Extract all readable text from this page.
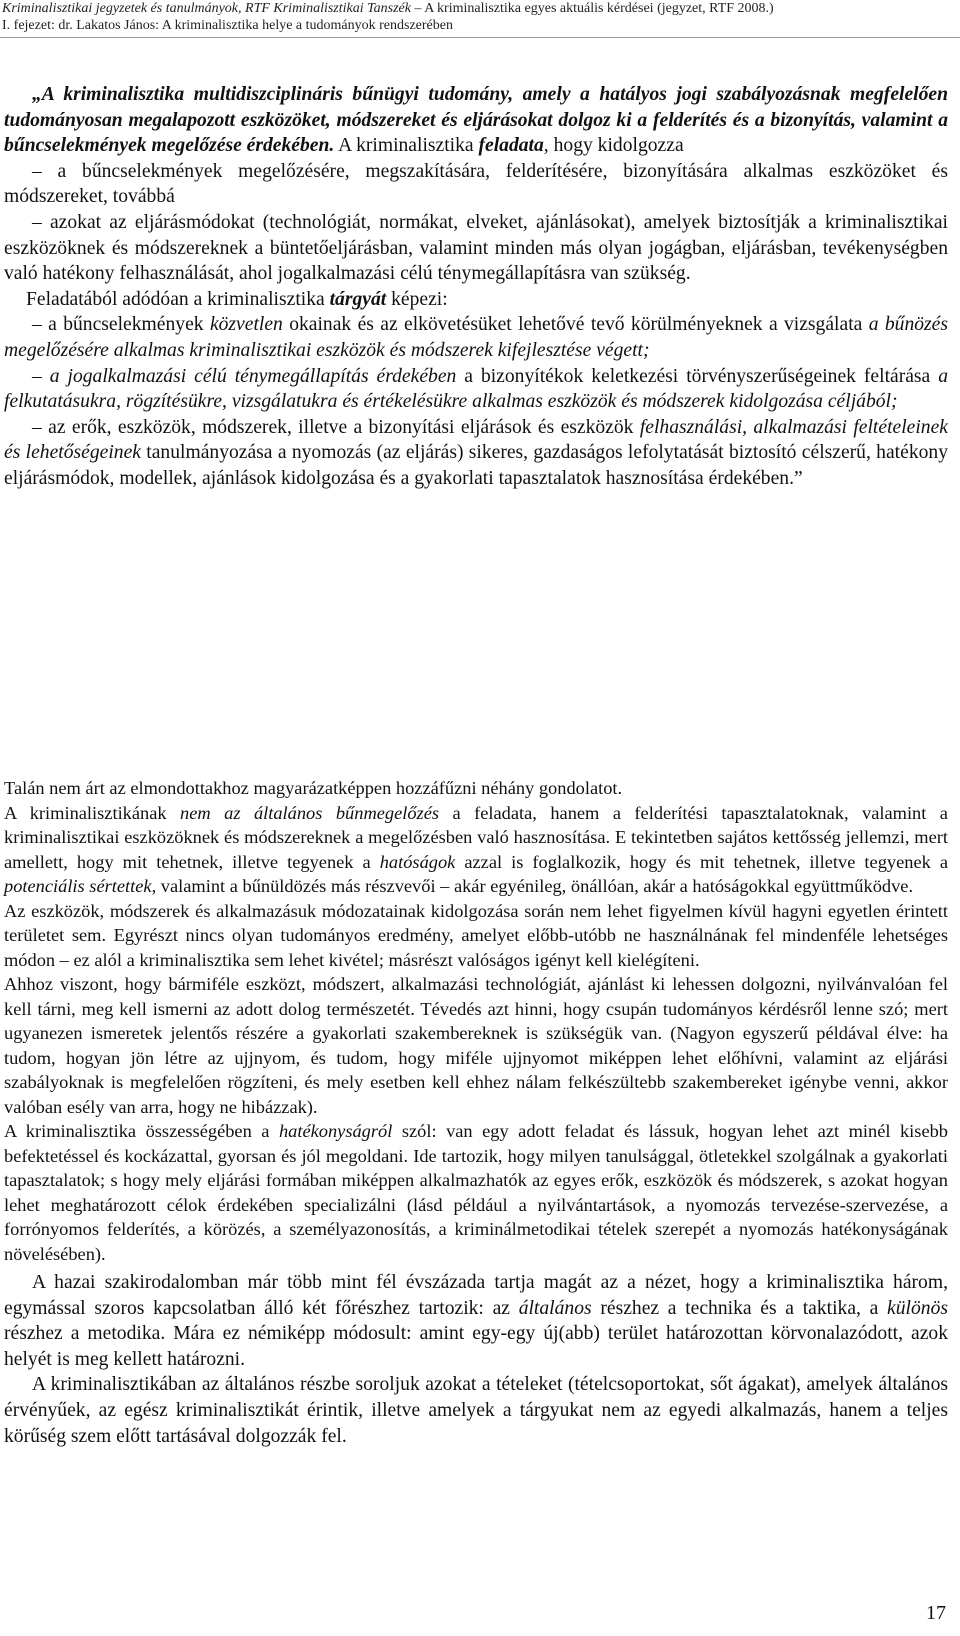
Kriminalisztikai jegyzetek és tanulmányok, RTF Kriminalisztikai Tanszék – A kriminalisztika egyes aktuális kérdései (jegyzet, RTF 2008.)
I. fejezet: dr. Lakatos János: A kriminalisztika helye a tudományok rendszerében

„A kriminalisztika multidiszciplináris bűnügyi tudomány, amely a hatályos jogi szabályozásnak megfelelően tudományosan megalapozott eszközöket, módszereket és eljárásokat dolgoz ki a felderítés és a bizonyítás, valamint a bűncselekmények megelőzése érdekében. A kriminalisztika feladata, hogy kidolgozza

– a bűncselekmények megelőzésére, megszakítására, felderítésére, bizonyítására alkalmas eszközöket és módszereket, továbbá

– azokat az eljárásmódokat (technológiát, normákat, elveket, ajánlásokat), amelyek biztosítják a kriminalisztikai eszközöknek és módszereknek a büntetőeljárásban, valamint minden más olyan jogágban, eljárásban, tevékenységben való hatékony felhasználását, ahol jogalkalmazási célú ténymegállapításra van szükség.

Feladatából adódóan a kriminalisztika tárgyát képezi:

– a bűncselekmények közvetlen okainak és az elkövetésüket lehetővé tevő körülményeknek a vizsgálata a bűnözés megelőzésére alkalmas kriminalisztikai eszközök és módszerek kifejlesztése végett;

– a jogalkalmazási célú ténymegállapítás érdekében a bizonyítékok keletkezési törvényszerűségeinek feltárása a felkutatásukra, rögzítésükre, vizsgálatukra és értékelésükre alkalmas eszközök és módszerek kidolgozása céljából;

– az erők, eszközök, módszerek, illetve a bizonyítási eljárások és eszközök felhasználási, alkalmazási feltételeinek és lehetőségeinek tanulmányozása a nyomozás (az eljárás) sikeres, gazdaságos lefolytatását biztosító célszerű, hatékony eljárásmódok, modellek, ajánlások kidolgozása és a gyakorlati tapasztalatok hasznosítása érdekében.”

Talán nem árt az elmondottakhoz magyarázatképpen hozzáfűzni néhány gondolatot.

A kriminalisztikának nem az általános bűnmegelőzés a feladata, hanem a felderítési tapasztalatoknak, valamint a kriminalisztikai eszközöknek és módszereknek a megelőzésben való hasznosítása. E tekintetben sajátos kettősség jellemzi, mert amellett, hogy mit tehetnek, illetve tegyenek a hatóságok azzal is foglalkozik, hogy és mit tehetnek, illetve tegyenek a potenciális sértettek, valamint a bűnüldözés más részvevői – akár egyénileg, önállóan, akár a hatóságokkal együttműködve.

Az eszközök, módszerek és alkalmazásuk módozatainak kidolgozása során nem lehet figyelmen kívül hagyni egyetlen érintett területet sem. Egyrészt nincs olyan tudományos eredmény, amelyet előbb-utóbb ne használnának fel mindenféle lehetséges módon – ez alól a kriminalisztika sem lehet kivétel; másrészt valóságos igényt kell kielégíteni.

Ahhoz viszont, hogy bármiféle eszközt, módszert, alkalmazási technológiát, ajánlást ki lehessen dolgozni, nyilvánvalóan fel kell tárni, meg kell ismerni az adott dolog természetét. Tévedés azt hinni, hogy csupán tudományos kérdésről lenne szó; mert ugyanezen ismeretek jelentős részére a gyakorlati szakembereknek is szükségük van. (Nagyon egyszerű példával élve: ha tudom, hogyan jön létre az ujjnyom, és tudom, hogy miféle ujjnyomot miképpen lehet előhívni, valamint az eljárási szabályoknak is megfelelően rögzíteni, és mely esetben kell ehhez nálam felkészültebb szakembereket igénybe venni, akkor valóban esély van arra, hogy ne hibázzak).

A kriminalisztika összességében a hatékonyságról szól: van egy adott feladat és lássuk, hogyan lehet azt minél kisebb befektetéssel és kockázattal, gyorsan és jól megoldani. Ide tartozik, hogy milyen tanulsággal, ötletekkel szolgálnak a gyakorlati tapasztalatok; s hogy mely eljárási formában miképpen alkalmazhatók az egyes erők, eszközök és módszerek, s azokat hogyan lehet meghatározott célok érdekében specializálni (lásd például a nyilvántartások, a nyomozás tervezése-szervezése, a forrónyomos felderítés, a körözés, a személyazonosítás, a kriminálmetodikai tételek szerepét a nyomozás hatékonyságának növelésében).

A hazai szakirodalomban már több mint fél évszázada tartja magát az a nézet, hogy a kriminalisztika három, egymással szoros kapcsolatban álló két főrészhez tartozik: az általános részhez a technika és a taktika, a különös részhez a metodika. Mára ez némiképp módosult: amint egy-egy új(abb) terület határozottan körvonalazódott, azok helyét is meg kellett határozni.

A kriminalisztikában az általános részbe soroljuk azokat a tételeket (tételcsoportokat, sőt ágakat), amelyek általános érvényűek, az egész kriminalisztikát érintik, illetve amelyek a tárgyukat nem az egyedi alkalmazás, hanem a teljes körűség szem előtt tartásával dolgozzák fel.

17
